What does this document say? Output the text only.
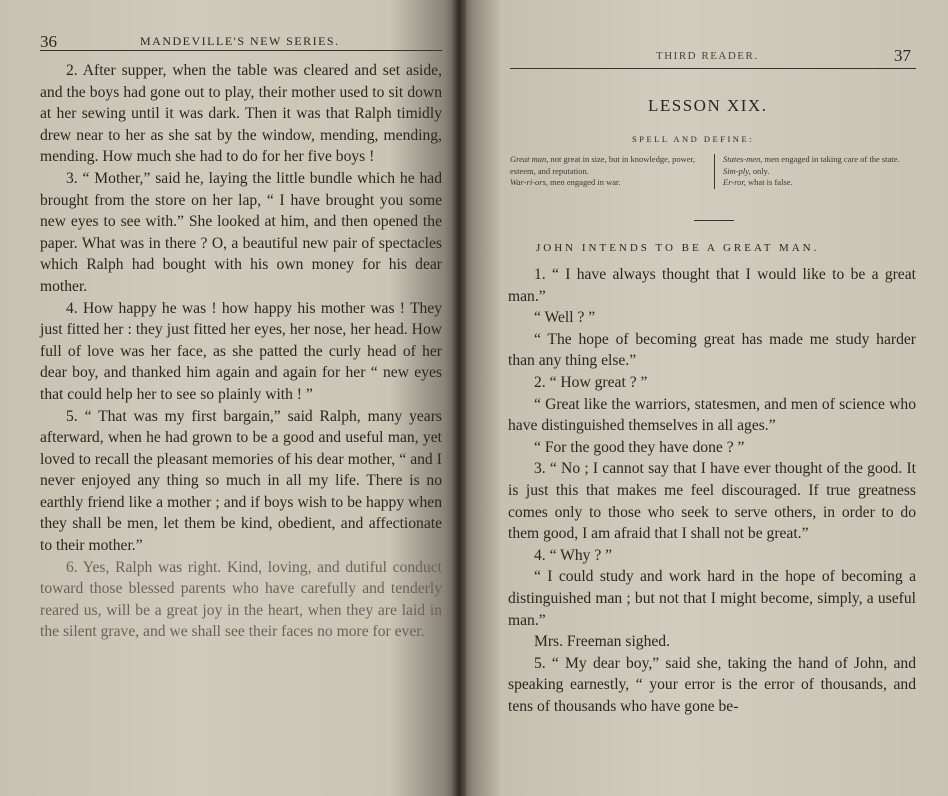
36	MANDEVILLE'S NEW SERIES.

2. After supper, when the table was cleared and set aside, and the boys had gone out to play, their mother used to sit down at her sewing until it was dark. Then it was that Ralph timidly drew near to her as she sat by the window, mending, mending, mending. How much she had to do for her five boys !

3. “ Mother,” said he, laying the little bundle which he had brought from the store on her lap, “ I have brought you some new eyes to see with.” She looked at him, and then opened the paper. What was in there ? O, a beautiful new pair of spectacles which Ralph had bought with his own money for his dear mother.

4. How happy he was ! how happy his mother was ! They just fitted her : they just fitted her eyes, her nose, her head. How full of love was her face, as she patted the curly head of her dear boy, and thanked him again and again for her “ new eyes that could help her to see so plainly with ! ”

5. “ That was my first bargain,” said Ralph, many years afterward, when he had grown to be a good and useful man, yet loved to recall the pleasant memories of his dear mother, “ and I never enjoyed any thing so much in all my life. There is no earthly friend like a mother ; and if boys wish to be happy when they shall be men, let them be kind, obedient, and affectionate to their mother.”

6. Yes, Ralph was right. Kind, loving, and dutiful conduct toward those blessed parents who have carefully and tenderly reared us, will be a great joy in the heart, when they are laid in the silent grave, and we shall see their faces no more for ever.

THIRD READER.	37
LESSON XIX.
SPELL AND DEFINE:
Great man, not great in size, but in knowledge, power, esteem, and reputation.
War-ri-ors, men engaged in war.
States-men, men engaged in taking care of the state.
Sim-ply, only.
Er-ror, what is false.
JOHN INTENDS TO BE A GREAT MAN.

1. “ I have always thought that I would like to be a great man.”

“ Well ? ”

“ The hope of becoming great has made me study harder than any thing else.”

2. “ How great ? ”

“ Great like the warriors, statesmen, and men of science who have distinguished themselves in all ages.”

“ For the good they have done ? ”

3. “ No ; I cannot say that I have ever thought of the good. It is just this that makes me feel discouraged. If true greatness comes only to those who seek to serve others, in order to do them good, I am afraid that I shall not be great.”

4. “ Why ? ”

“ I could study and work hard in the hope of becoming a distinguished man ; but not that I might become, simply, a useful man.”

Mrs. Freeman sighed.

5. “ My dear boy,” said she, taking the hand of John, and speaking earnestly, “ your error is the error of thousands, and tens of thousands who have gone be-
